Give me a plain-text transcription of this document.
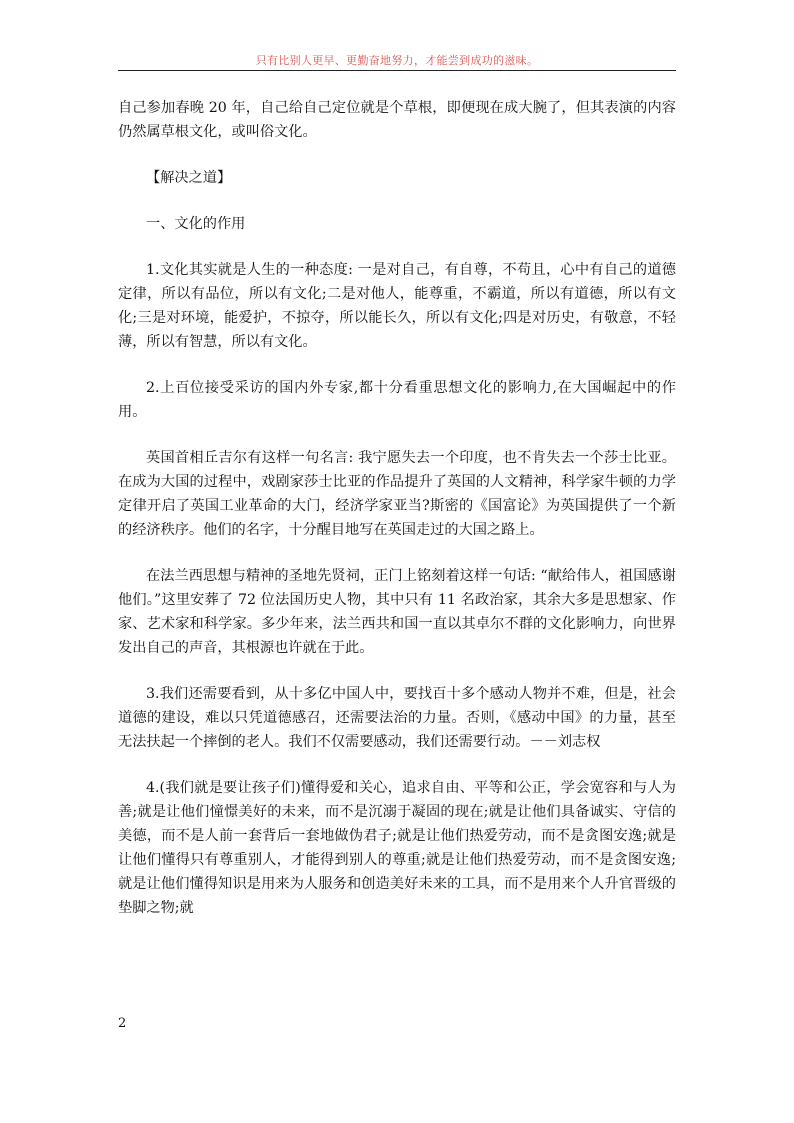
只有比别人更早、更勤奋地努力，才能尝到成功的滋味。

自己参加春晚 20 年，自己给自己定位就是个草根，即便现在成大腕了，但其表演的内容仍然属草根文化，或叫俗文化。

【解决之道】

一、文化的作用

1.文化其实就是人生的一种态度: 一是对自己，有自尊，不苟且，心中有自己的道德定律，所以有品位，所以有文化;二是对他人，能尊重，不霸道，所以有道德，所以有文化;三是对环境，能爱护，不掠夺，所以能长久，所以有文化;四是对历史，有敬意，不轻薄，所以有智慧，所以有文化。

2.上百位接受采访的国内外专家,都十分看重思想文化的影响力,在大国崛起中的作用。

英国首相丘吉尔有这样一句名言: 我宁愿失去一个印度，也不肯失去一个莎士比亚。在成为大国的过程中，戏剧家莎士比亚的作品提升了英国的人文精神，科学家牛顿的力学定律开启了英国工业革命的大门，经济学家亚当?斯密的《国富论》为英国提供了一个新的经济秩序。他们的名字，十分醒目地写在英国走过的大国之路上。

在法兰西思想与精神的圣地先贤祠，正门上铭刻着这样一句话: “献给伟人，祖国感谢他们。”这里安葬了 72 位法国历史人物，其中只有 11 名政治家，其余大多是思想家、作家、艺术家和科学家。多少年来，法兰西共和国一直以其卓尔不群的文化影响力，向世界发出自己的声音，其根源也许就在于此。

3.我们还需要看到，从十多亿中国人中，要找百十多个感动人物并不难，但是，社会道德的建设，难以只凭道德感召，还需要法治的力量。否则，《感动中国》的力量，甚至无法扶起一个摔倒的老人。我们不仅需要感动，我们还需要行动。－－刘志权

4.(我们就是要让孩子们)懂得爱和关心，追求自由、平等和公正，学会宽容和与人为善;就是让他们憧憬美好的未来，而不是沉溺于凝固的现在;就是让他们具备诚实、守信的美德，而不是人前一套背后一套地做伪君子;就是让他们热爱劳动，而不是贪图安逸;就是让他们懂得只有尊重别人，才能得到别人的尊重;就是让他们热爱劳动，而不是贪图安逸;就是让他们懂得知识是用来为人服务和创造美好未来的工具，而不是用来个人升官晋级的垫脚之物;就

2
